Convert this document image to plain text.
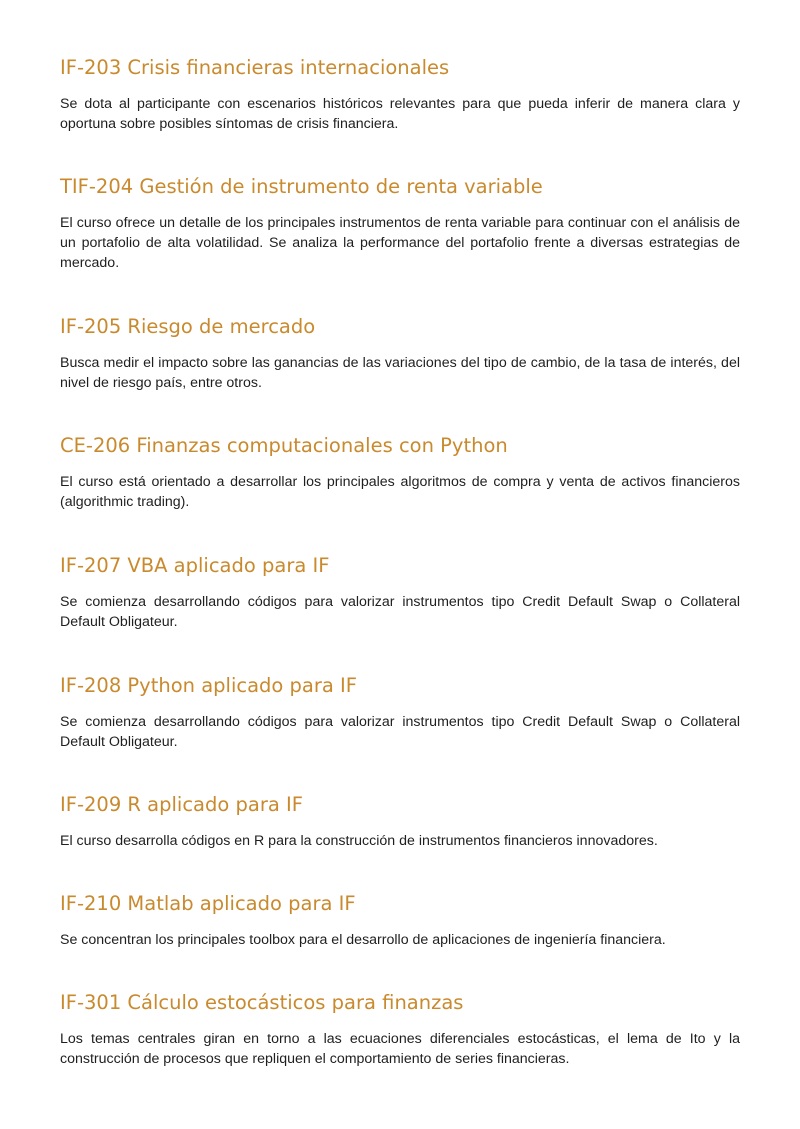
IF-203 Crisis financieras internacionales

Se dota al participante con escenarios históricos relevantes para que pueda inferir de manera clara y oportuna sobre posibles síntomas de crisis financiera.

TIF-204 Gestión de instrumento de renta variable

El curso ofrece un detalle de los principales instrumentos de renta variable para continuar con el análisis de un portafolio de alta volatilidad. Se analiza la performance del portafolio frente a diversas estrategias de mercado.

IF-205 Riesgo de mercado

Busca medir el impacto sobre las ganancias de las variaciones del tipo de cambio, de la tasa de interés, del nivel de riesgo país, entre otros.

CE-206 Finanzas computacionales con Python

El curso está orientado a desarrollar los principales algoritmos de compra y venta de activos financieros (algorithmic trading).

IF-207 VBA aplicado para IF

Se comienza desarrollando códigos para valorizar instrumentos tipo Credit Default Swap o Collateral Default Obligateur.

IF-208 Python aplicado para IF

Se comienza desarrollando códigos para valorizar instrumentos tipo Credit Default Swap o Collateral Default Obligateur.

IF-209 R aplicado para IF

El curso desarrolla códigos en R para la construcción de instrumentos financieros innovadores.

IF-210 Matlab aplicado para IF

Se concentran los principales toolbox para el desarrollo de aplicaciones de ingeniería financiera.

IF-301 Cálculo estocásticos para finanzas

Los temas centrales giran en torno a las ecuaciones diferenciales estocásticas, el lema de Ito y la construcción de procesos que repliquen el comportamiento de series financieras.
